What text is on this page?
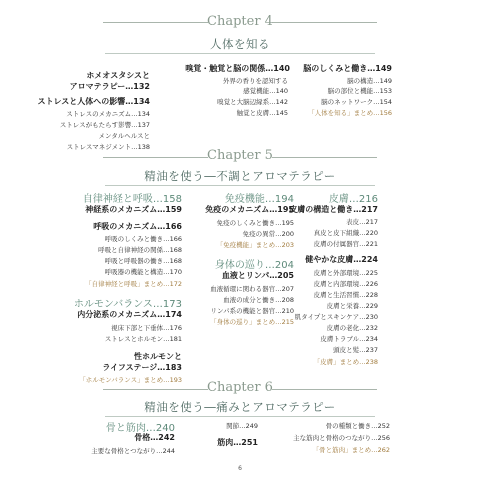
Chapter 4
人体を知る
ホメオスタシスと
アロマテラピー…132
ストレスと人体への影響…134
ストレスのメカニズム…134
ストレスがもたらす影響…137
メンタルヘルスと
ストレスマネジメント…138
嗅覚・触覚と脳の関係…140
外界の香りを認知する
感覚機能…140
嗅覚と大脳辺縁系…142
触覚と皮膚…145
脳のしくみと働き…149
脳の構造…149
脳の部位と機能…153
脳のネットワーク…154
「人体を知る」まとめ…156
Chapter 5
精油を使う―不調とアロマテラピー
自律神経と呼吸…158
神経系のメカニズム…159
呼吸のメカニズム…166
呼吸のしくみと働き…166
呼吸と自律神経の関係…168
呼吸と呼吸器の働き…168
呼吸器の機能と構造…170
「自律神経と呼吸」まとめ…172
ホルモンバランス…173
内分泌系のメカニズム…174
視床下部と下垂体…176
ストレスとホルモン…181
性ホルモンと
ライフステージ…183
「ホルモンバランス」まとめ…193
免疫機能…194
免疫のメカニズム…195
免疫のしくみと働き…195
免疫の異常…200
「免疫機能」まとめ…203
身体の巡り…204
血液とリンパ…205
血液循環に関わる器官…207
血液の成分と働き…208
リンパ系の機能と器官…210
「身体の巡り」まとめ…215
皮膚…216
皮膚の構造と働き…217
表皮…217
真皮と皮下組織…220
皮膚の付属器官…221
健やかな皮膚…224
皮膚と外部環境…225
皮膚と内部環境…226
皮膚と生活習慣…228
皮膚と栄養…229
肌タイプとスキンケア…230
皮膚の老化…232
皮膚トラブル…234
頭皮と髪…237
「皮膚」まとめ…238
Chapter 6
精油を使う―痛みとアロマテラピー
骨と筋肉…240
骨格…242
主要な骨格とつながり…244
関節…249
筋肉…251
骨の種類と働き…252
主な筋肉と骨格のつながり…256
「骨と筋肉」まとめ…262
6
